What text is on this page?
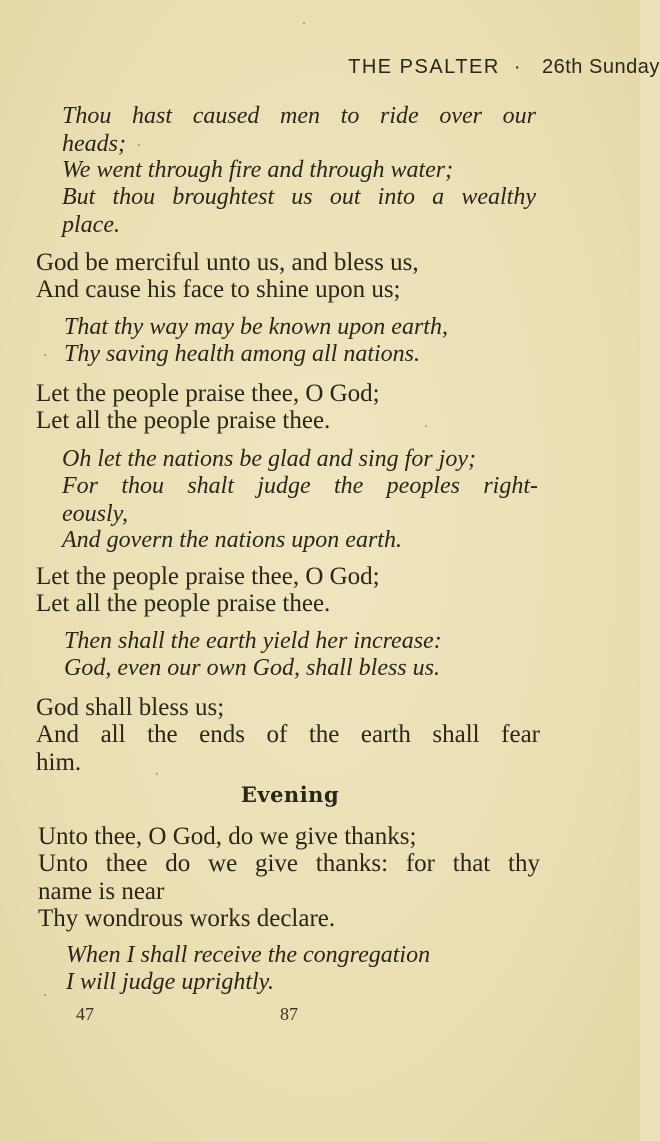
THE PSALTER · 26th Sunday
Thou hast caused men to ride over our
heads;
We went through fire and through water;
But thou broughtest us out into a wealthy
place.
God be merciful unto us, and bless us,
And cause his face to shine upon us;
That thy way may be known upon earth,
Thy saving health among all nations.
Let the people praise thee, O God;
Let all the people praise thee.
Oh let the nations be glad and sing for joy;
For thou shalt judge the peoples right-
eously,
And govern the nations upon earth.
Let the people praise thee, O God;
Let all the people praise thee.
Then shall the earth yield her increase:
God, even our own God, shall bless us.
God shall bless us;
And all the ends of the earth shall fear
him.
Evening
Unto thee, O God, do we give thanks;
Unto thee do we give thanks: for that thy
name is near
Thy wondrous works declare.
When I shall receive the congregation
I will judge uprightly.
47	87
